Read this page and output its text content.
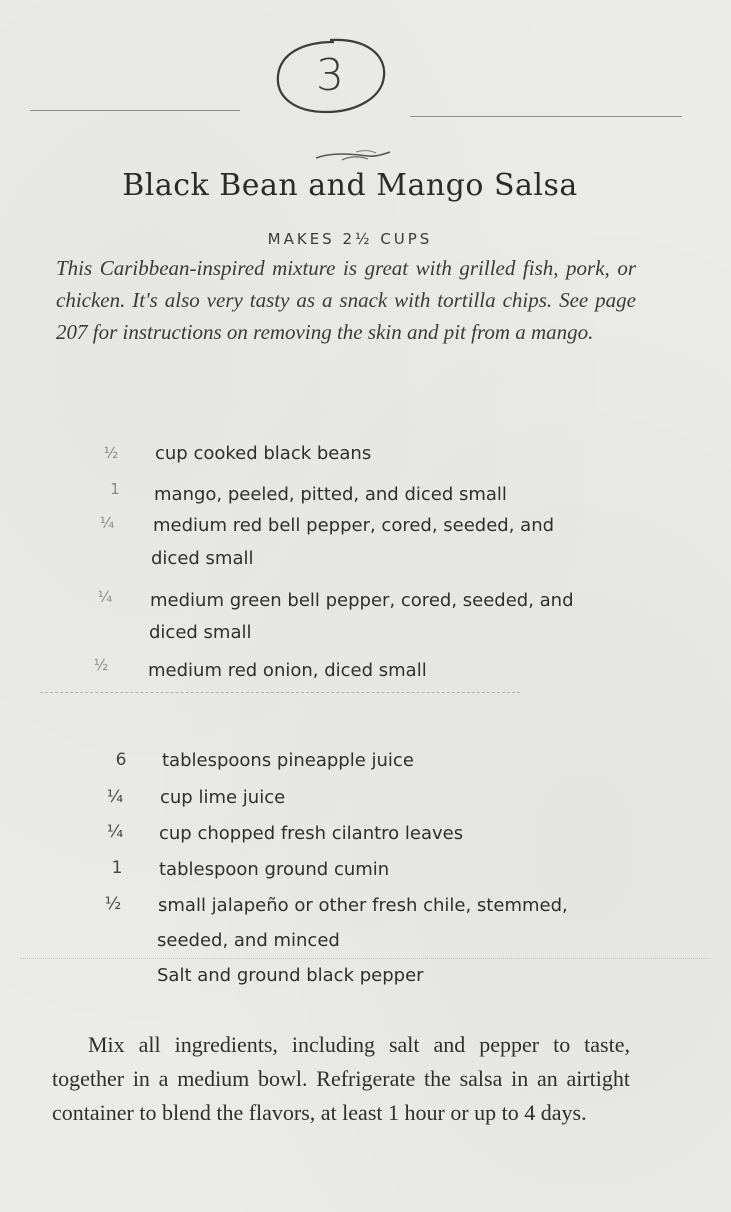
3
Black Bean and Mango Salsa
MAKES 2½ CUPS
This Caribbean-inspired mixture is great with grilled fish, pork, or chicken. It's also very tasty as a snack with tortilla chips. See page 207 for instructions on removing the skin and pit from a mango.
½	cup cooked black beans
1	mango, peeled, pitted, and diced small
¼	medium red bell pepper, cored, seeded, and
diced small
¼	medium green bell pepper, cored, seeded, and
diced small
½	medium red onion, diced small
6	tablespoons pineapple juice
¼	cup lime juice
¼	cup chopped fresh cilantro leaves
1	tablespoon ground cumin
½	small jalapeño or other fresh chile, stemmed,
seeded, and minced
Salt and ground black pepper
Mix all ingredients, including salt and pepper to taste, together in a medium bowl. Refrigerate the salsa in an airtight container to blend the flavors, at least 1 hour or up to 4 days.
